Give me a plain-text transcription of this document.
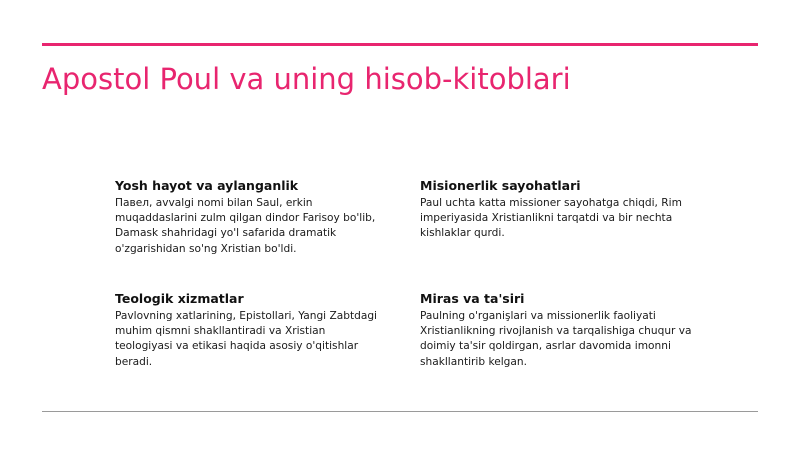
Apostol Poul va uning hisob-kitoblari

Yosh hayot va aylanganlik

Павел, avvalgi nomi bilan Saul, erkin muqaddaslarini zulm qilgan dindor Farisoy bo'lib, Damask shahridagi yo'l safarida dramatik o'zgarishidan so'ng Xristian bo'ldi.

Misionerlik sayohatlari

Paul uchta katta missioner sayohatga chiqdi, Rim imperiyasida Xristianlikni tarqatdi va bir nechta kishlaklar qurdi.

Teologik xizmatlar

Pavlovning xatlarining, Epistollari, Yangi Zabtdagi muhim qismni shakllantiradi va Xristian teologiyasi va etikasi haqida asosiy o'qitishlar beradi.

Miras va ta'siri

Paulning o'rganişlari va missionerlik faoliyati Xristianlikning rivojlanish va tarqalishiga chuqur va doimiy ta'sir qoldirgan, asrlar davomida imonni shakllantirib kelgan.
